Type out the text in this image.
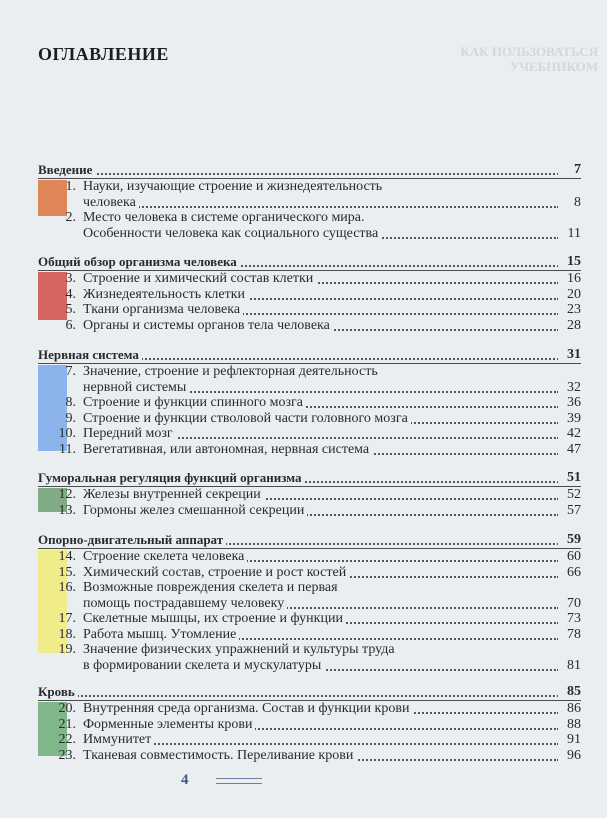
ОГЛАВЛЕНИЕ	КАК ПОЛЬЗОВАТЬСЯ УЧЕБНИКОМ
Введение	7
1. Науки, изучающие строение и жизнедеятельность
человека	8
2. Место человека в системе органического мира.
Особенности человека как социального существа	11
Общий обзор организма человека	15
3. Строение и химический состав клетки	16
4. Жизнедеятельность клетки	20
5. Ткани организма человека	23
6. Органы и системы органов тела человека	28
Нервная система	31
7. Значение, строение и рефлекторная деятельность
нервной системы	32
8. Строение и функции спинного мозга	36
9. Строение и функции стволовой части головного мозга	39
10. Передний мозг	42
11. Вегетативная, или автономная, нервная система	47
Гуморальная регуляция функций организма	51
12. Железы внутренней секреции	52
13. Гормоны желез смешанной секреции	57
Опорно-двигательный аппарат	59
14. Строение скелета человека	60
15. Химический состав, строение и рост костей	66
16. Возможные повреждения скелета и первая
помощь пострадавшему человеку	70
17. Скелетные мышцы, их строение и функции	73
18. Работа мышц. Утомление	78
19. Значение физических упражнений и культуры труда
в формировании скелета и мускулатуры	81
Кровь	85
20. Внутренняя среда организма. Состав и функции крови	86
21. Форменные элементы крови	88
22. Иммунитет	91
23. Тканевая совместимость. Переливание крови	96
4
